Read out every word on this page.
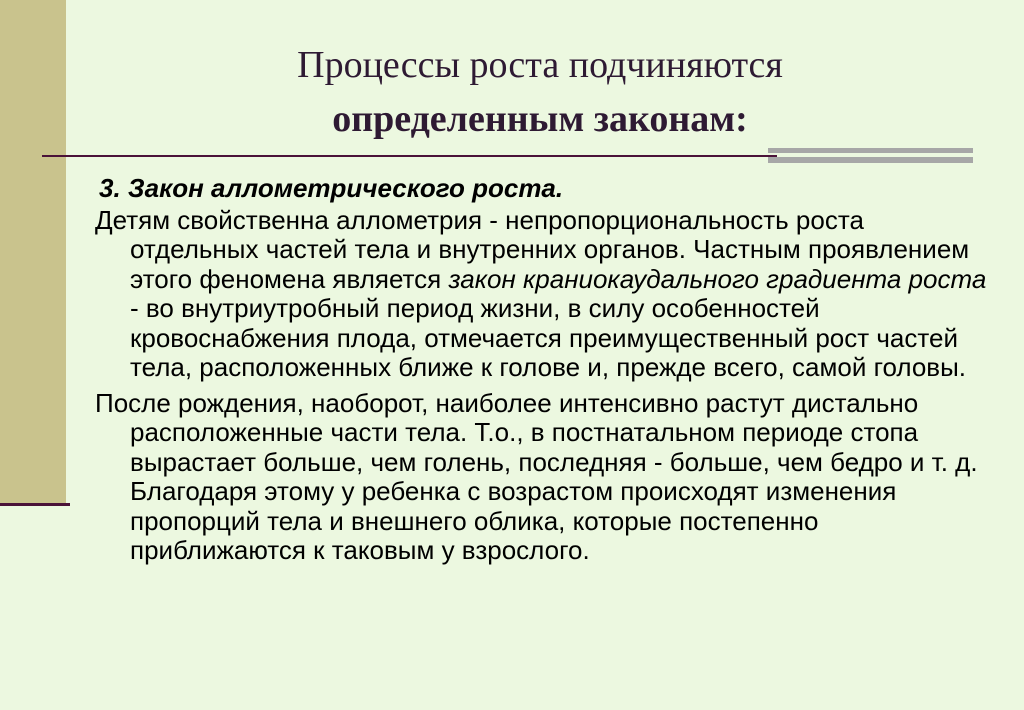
Процессы роста подчиняются
определенным законам:
3. Закон аллометрического роста.

Детям свойственна аллометрия - непропорциональность роста отдельных частей тела и внутренних органов. Частным проявлением этого феномена является закон краниокаудального градиента роста - во внутриутробный период жизни, в силу особенностей кровоснабжения плода, отмечается преимущественный рост частей тела, расположенных ближе к голове и, прежде всего, самой головы.

После рождения, наоборот, наиболее интенсивно растут дистально расположенные части тела. Т.о., в постнатальном периоде стопа вырастает больше, чем голень, последняя - больше, чем бедро и т. д. Благодаря этому у ребенка с возрастом происходят изменения пропорций тела и внешнего облика, которые постепенно приближаются к таковым у взрослого.
